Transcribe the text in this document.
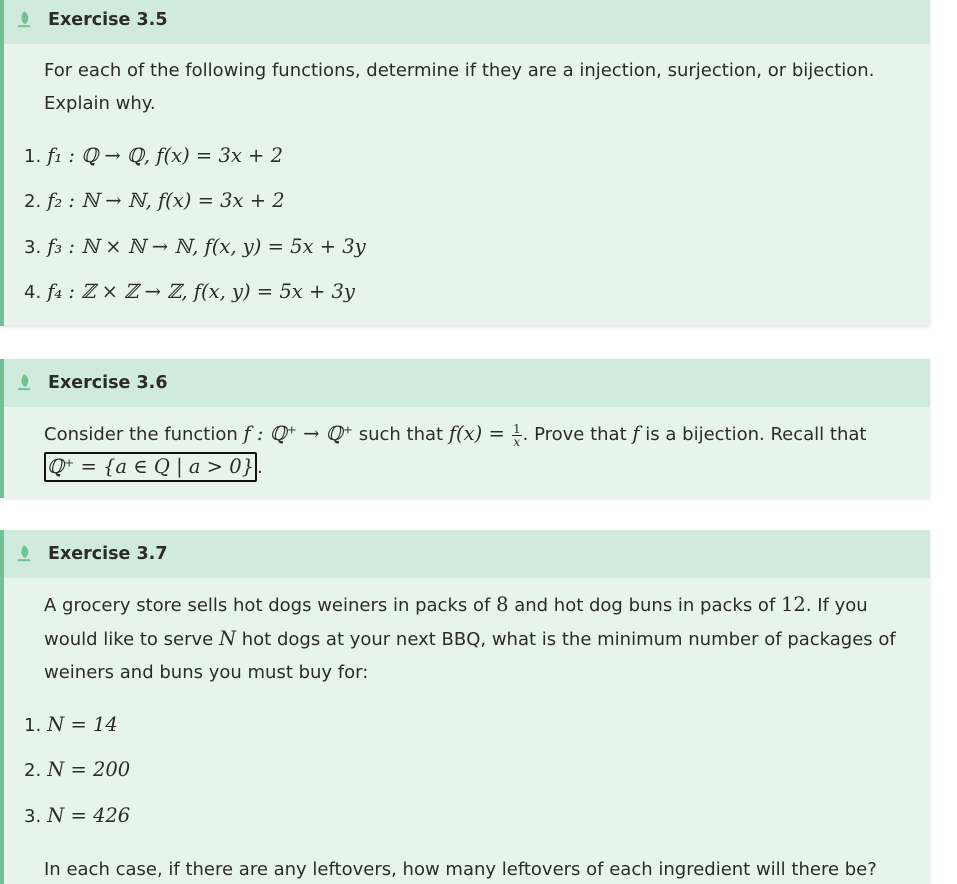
Exercise 3.5
For each of the following functions, determine if they are a injection, surjection, or bijection. Explain why.
1. f₁ : ℚ → ℚ, f(x) = 3x + 2
2. f₂ : ℕ → ℕ, f(x) = 3x + 2
3. f₃ : ℕ × ℕ → ℕ, f(x, y) = 5x + 3y
4. f₄ : ℤ × ℤ → ℤ, f(x, y) = 5x + 3y
Exercise 3.6
Consider the function f : ℚ⁺ → ℚ⁺ such that $f(x) = \frac{1}{x}$ . Prove that f is a bijection. Recall that
ℚ⁺ = {a ∈ Q | a > 0} .
Exercise 3.7
A grocery store sells hot dogs weiners in packs of 8 and hot dog buns in packs of 12. If you would like to serve N hot dogs at your next BBQ, what is the minimum number of packages of weiners and buns you must buy for:
1. N = 14
2. N = 200
3. N = 426
In each case, if there are any leftovers, how many leftovers of each ingredient will there be?
